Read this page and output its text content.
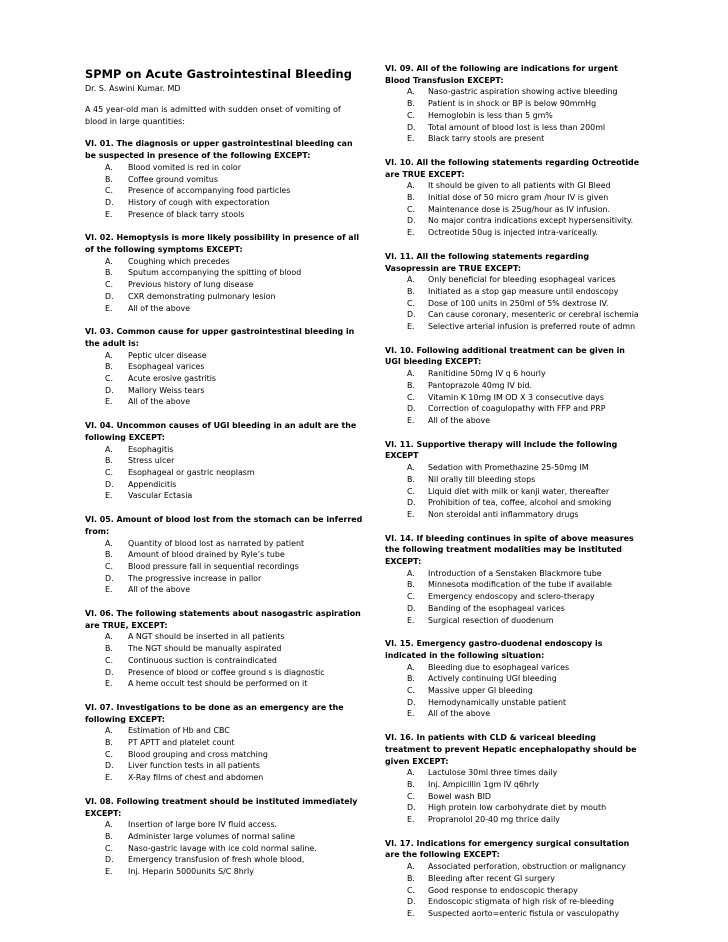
SPMP on Acute Gastrointestinal Bleeding
Dr. S. Aswini Kumar. MD
A 45 year-old man is admitted with sudden onset of vomiting of blood in large quantities:
VI. 01. The diagnosis or upper gastrointestinal bleeding can be suspected in presence of the following EXCEPT:
A. Blood vomited is red in color
B. Coffee ground vomitus
C. Presence of accompanying food particles
D. History of cough with expectoration
E. Presence of black tarry stools
VI. 02. Hemoptysis is more likely possibility in presence of all of the following symptoms EXCEPT:
A. Coughing which precedes
B. Sputum accompanying the spitting of blood
C. Previous history of lung disease
D. CXR demonstrating pulmonary lesion
E. All of the above
VI. 03. Common cause for upper gastrointestinal bleeding in the adult is:
A. Peptic ulcer disease
B. Esophageal varices
C. Acute erosive gastritis
D. Mallory Weiss tears
E. All of the above
VI. 04. Uncommon causes of UGI bleeding in an adult are the following EXCEPT:
A. Esophagitis
B. Stress ulcer
C. Esophageal or gastric neoplasm
D. Appendicitis
E. Vascular Ectasia
VI. 05. Amount of blood lost from the stomach can be inferred from:
A. Quantity of blood lost as narrated by patient
B. Amount of blood drained by Ryle’s tube
C. Blood pressure fall in sequential recordings
D. The progressive increase in pallor
E. All of the above
VI. 06. The following statements about nasogastric aspiration are TRUE, EXCEPT:
A. A NGT should be inserted in all patients
B. The NGT should be manually aspirated
C. Continuous suction is contraindicated
D. Presence of blood or coffee ground s is diagnostic
E. A heme occult test should be performed on it
VI. 07. Investigations to be done as an emergency are the following EXCEPT:
A. Estimation of Hb and CBC
B. PT APTT and platelet count
C. Blood grouping and cross matching
D. Liver function tests in all patients
E. X-Ray films of chest and abdomen
VI. 08. Following treatment should be instituted immediately EXCEPT:
A. Insertion of large bore IV fluid access.
B. Administer large volumes of normal saline
C. Naso-gastric lavage with ice cold normal saline.
D. Emergency transfusion of fresh whole blood,
E. Inj. Heparin 5000units S/C 8hrly
VI. 09. All of the following are indications for urgent Blood Transfusion EXCEPT:
A. Naso-gastric aspiration showing active bleeding
B. Patient is in shock or BP is below 90mmHg
C. Hemoglobin is less than 5 gm%
D. Total amount of blood lost is less than 200ml
E. Black tarry stools are present
VI. 10. All the following statements regarding Octreotide are TRUE EXCEPT:
A. It should be given to all patients with GI Bleed
B. Initial dose of 50 micro gram /hour IV is given
C. Maintenance dose is 25ug/hour as IV infusion.
D. No major contra indications except hypersensitivity.
E. Octreotide 50ug is injected intra-variceally.
VI. 11. All the following statements regarding Vasopressin are TRUE EXCEPT:
A. Only beneficial for bleeding esophageal varices
B. Initiated as a stop gap measure until endoscopy
C. Dose of 100 units in 250ml of 5% dextrose IV.
D. Can cause coronary, mesenteric or cerebral ischemia
E. Selective arterial infusion is preferred route of admn
VI. 10. Following additional treatment can be given in UGI bleeding EXCEPT:
A. Ranitidine 50mg IV q 6 hourly
B. Pantoprazole 40mg IV bid.
C. Vitamin K 10mg IM OD X 3 consecutive days
D. Correction of coagulopathy with FFP and PRP
E. All of the above
VI. 11. Supportive therapy will include the following EXCEPT
A. Sedation with Promethazine 25-50mg IM
B. Nil orally till bleeding stops
C. Liquid diet with milk or kanji water, thereafter
D. Prohibition of tea, coffee, alcohol and smoking
E. Non steroidal anti inflammatory drugs
VI. 14. If bleeding continues in spite of above measures the following treatment modalities may be instituted EXCEPT:
A. Introduction of a Senstaken Blackmore tube
B. Minnesota modification of the tube if available
C. Emergency endoscopy and sclero-therapy
D. Banding of the esophageal varices
E. Surgical resection of duodenum
VI. 15. Emergency gastro-duodenal endoscopy is indicated in the following situation:
A. Bleeding due to esophageal varices
B. Actively continuing UGI bleeding
C. Massive upper GI bleeding
D. Hemodynamically unstable patient
E. All of the above
VI. 16. In patients with CLD & variceal bleeding treatment to prevent Hepatic encephalopathy should be given EXCEPT:
A. Lactulose 30ml three times daily
B. Inj. Ampicillin 1gm IV q6hrly
C. Bowel wash BID
D. High protein low carbohydrate diet by mouth
E. Propranolol 20-40 mg thrice daily
VI. 17. Indications for emergency surgical consultation are the following EXCEPT:
A. Associated perforation, obstruction or malignancy
B. Bleeding after recent GI surgery
C. Good response to endoscopic therapy
D. Endoscopic stigmata of high risk of re-bleeding
E. Suspected aorto=enteric fistula or vasculopathy
